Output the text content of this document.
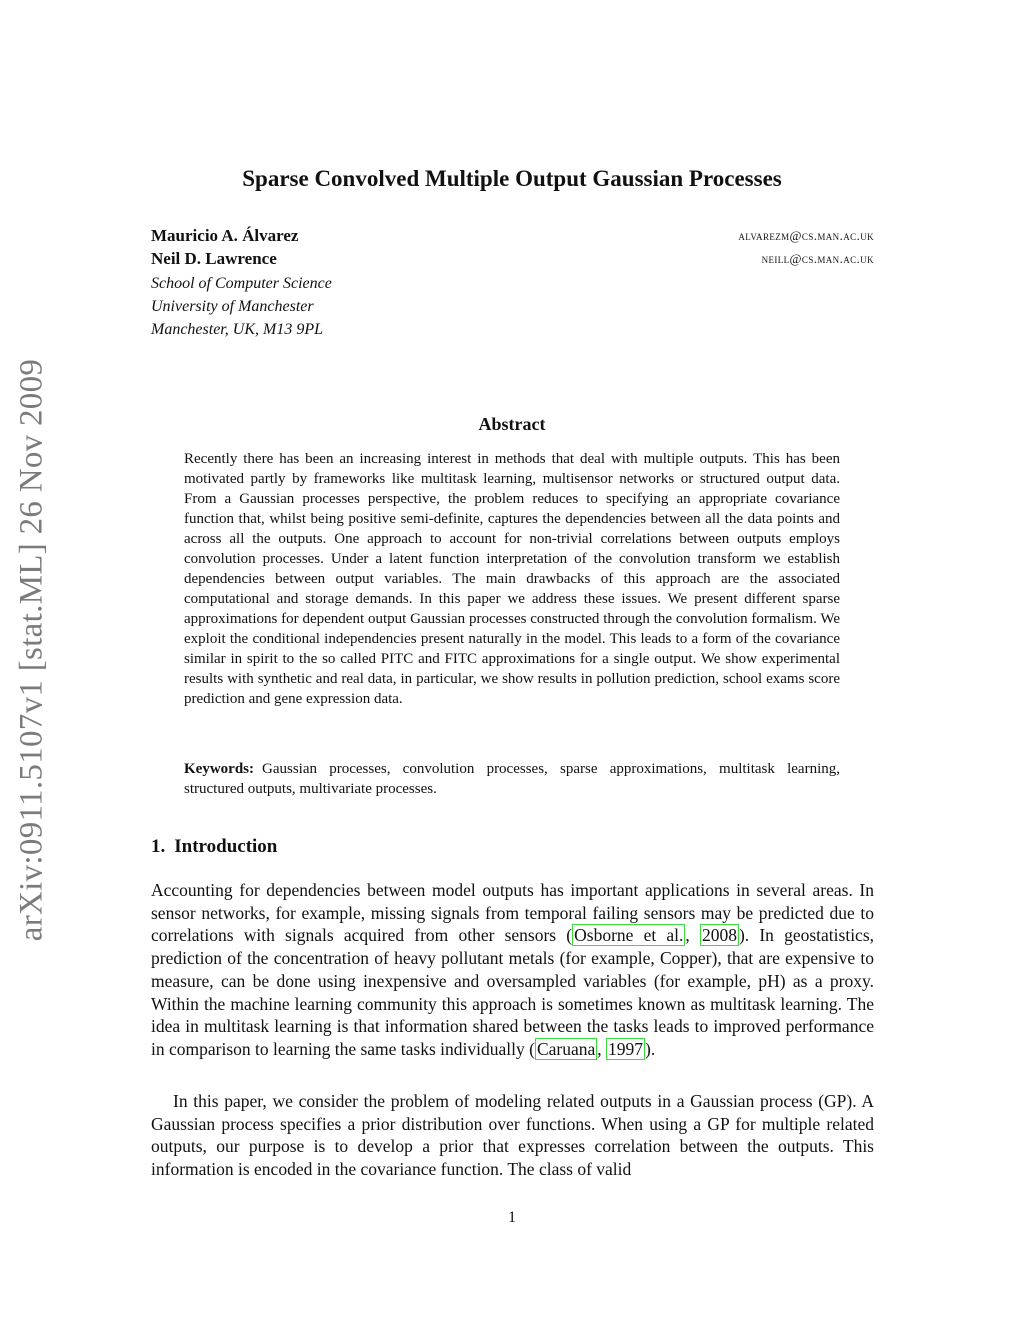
arXiv:0911.5107v1 [stat.ML] 26 Nov 2009
Sparse Convolved Multiple Output Gaussian Processes
Mauricio A. Álvarez	alvarezm@cs.man.ac.uk
Neil D. Lawrence	neill@cs.man.ac.uk
School of Computer Science
University of Manchester
Manchester, UK, M13 9PL
Abstract
Recently there has been an increasing interest in methods that deal with multiple outputs. This has been motivated partly by frameworks like multitask learning, multisensor networks or structured output data. From a Gaussian processes perspective, the problem reduces to specifying an appropriate covariance function that, whilst being positive semi-definite, captures the dependencies between all the data points and across all the outputs. One approach to account for non-trivial correlations between outputs employs convolution processes. Under a latent function interpretation of the convolution transform we establish dependencies between output variables. The main drawbacks of this approach are the associated computational and storage demands. In this paper we address these issues. We present different sparse approximations for dependent output Gaussian processes constructed through the convolution formalism. We exploit the conditional independencies present naturally in the model. This leads to a form of the covariance similar in spirit to the so called PITC and FITC approximations for a single output. We show experimental results with synthetic and real data, in particular, we show results in pollution prediction, school exams score prediction and gene expression data.
Keywords: Gaussian processes, convolution processes, sparse approximations, multitask learning, structured outputs, multivariate processes.
1. Introduction

Accounting for dependencies between model outputs has important applications in several areas. In sensor networks, for example, missing signals from temporal failing sensors may be predicted due to correlations with signals acquired from other sensors ( Osborne et al. , 2008 ). In geostatistics, prediction of the concentration of heavy pollutant metals (for example, Copper), that are expensive to measure, can be done using inexpensive and oversampled variables (for example, pH) as a proxy. Within the machine learning community this approach is sometimes known as multitask learning. The idea in multitask learning is that information shared between the tasks leads to improved performance in comparison to learning the same tasks individually ( Caruana , 1997 ).

In this paper, we consider the problem of modeling related outputs in a Gaussian process (GP). A Gaussian process specifies a prior distribution over functions. When using a GP for multiple related outputs, our purpose is to develop a prior that expresses correlation between the outputs. This information is encoded in the covariance function. The class of valid

1
